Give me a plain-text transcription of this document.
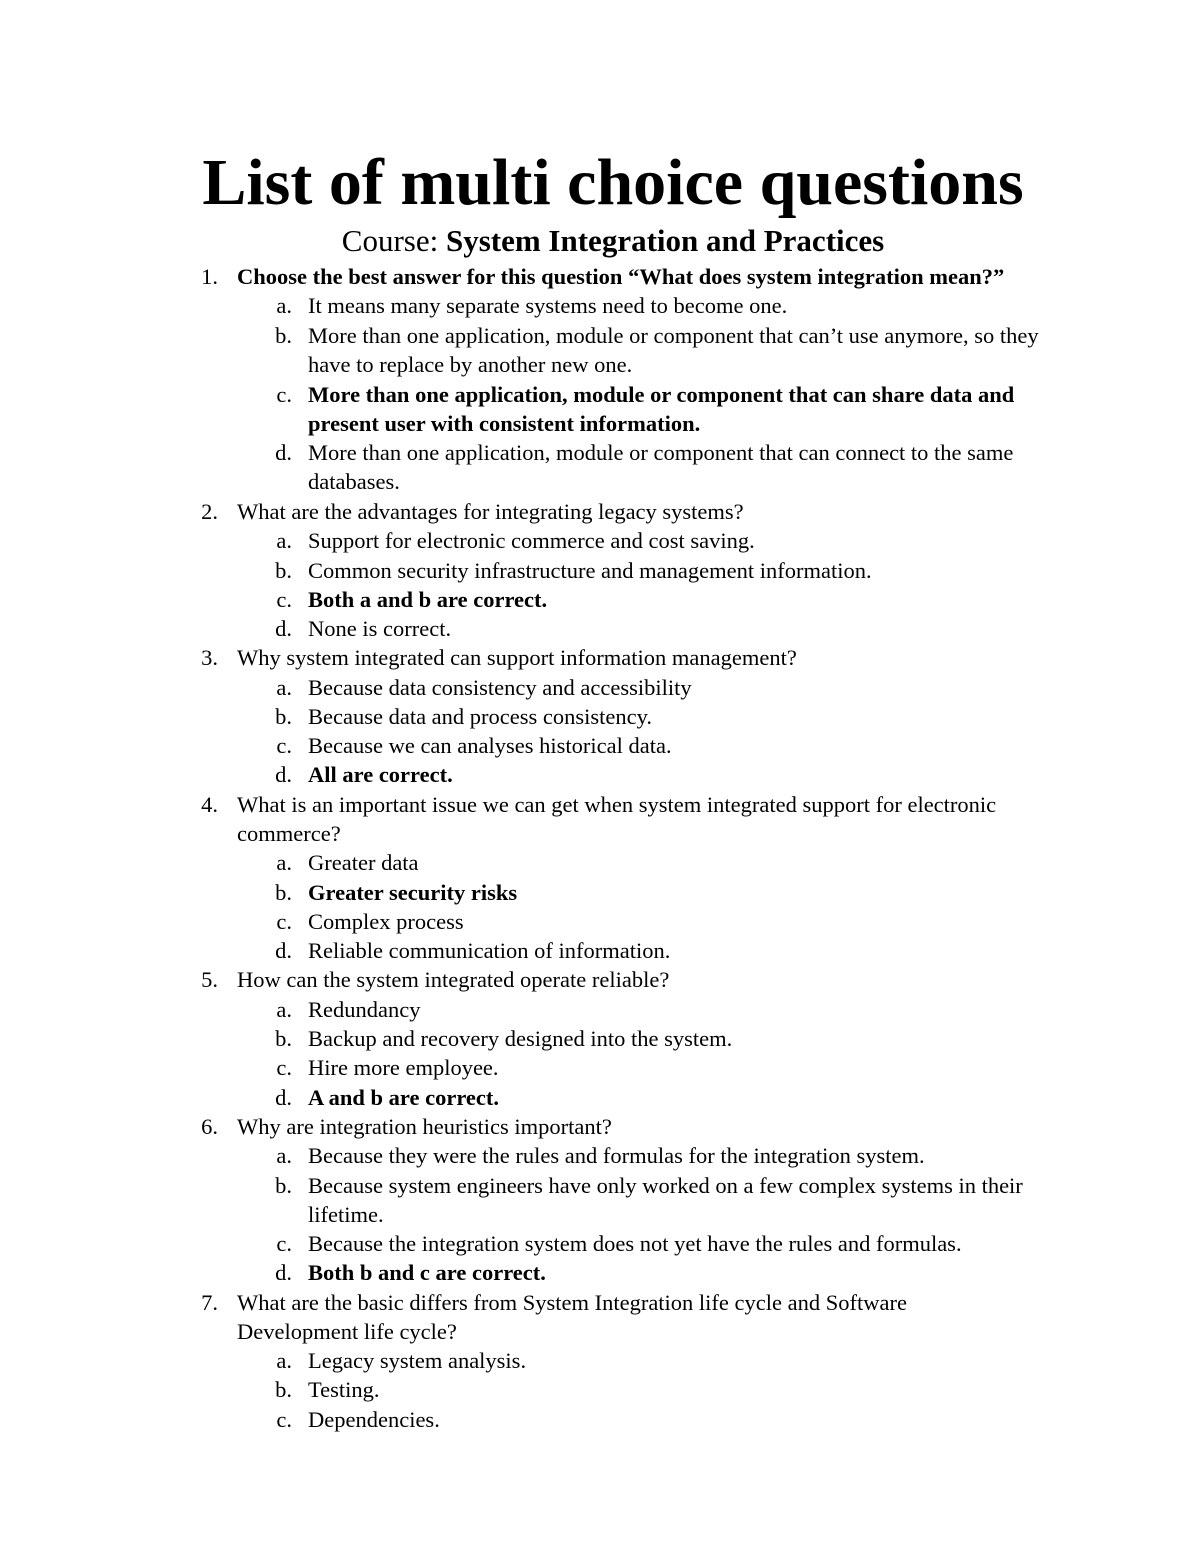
List of multi choice questions
Course: System Integration and Practices
1. Choose the best answer for this question “What does system integration mean?”
a. It means many separate systems need to become one.
b. More than one application, module or component that can’t use anymore, so they have to replace by another new one.
c. More than one application, module or component that can share data and present user with consistent information.
d. More than one application, module or component that can connect to the same databases.
2. What are the advantages for integrating legacy systems?
a. Support for electronic commerce and cost saving.
b. Common security infrastructure and management information.
c. Both a and b are correct.
d. None is correct.
3. Why system integrated can support information management?
a. Because data consistency and accessibility
b. Because data and process consistency.
c. Because we can analyses historical data.
d. All are correct.
4. What is an important issue we can get when system integrated support for electronic commerce?
a. Greater data
b. Greater security risks
c. Complex process
d. Reliable communication of information.
5. How can the system integrated operate reliable?
a. Redundancy
b. Backup and recovery designed into the system.
c. Hire more employee.
d. A and b are correct.
6. Why are integration heuristics important?
a. Because they were the rules and formulas for the integration system.
b. Because system engineers have only worked on a few complex systems in their lifetime.
c. Because the integration system does not yet have the rules and formulas.
d. Both b and c are correct.
7. What are the basic differs from System Integration life cycle and Software Development life cycle?
a. Legacy system analysis.
b. Testing.
c. Dependencies.
